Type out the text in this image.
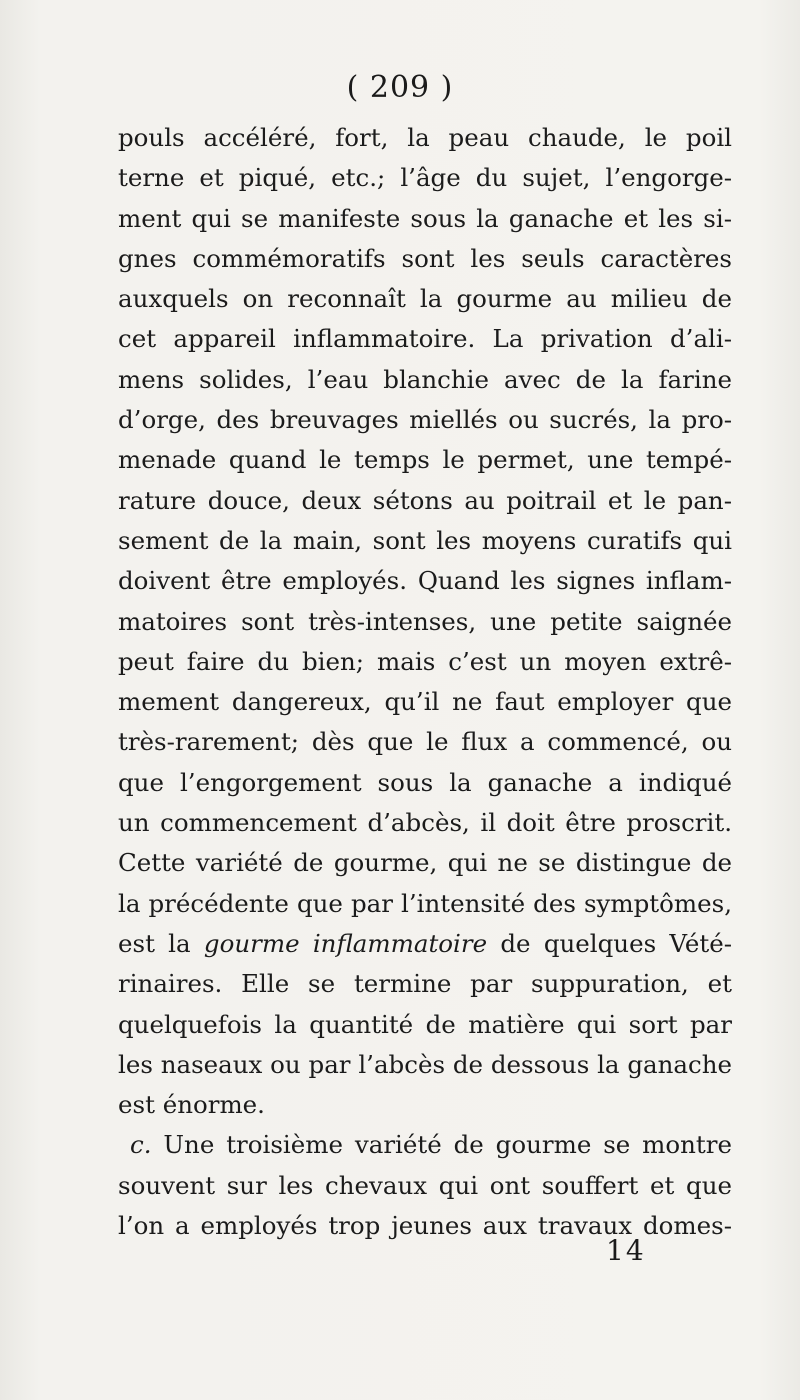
( 209 )
pouls accéléré, fort, la peau chaude, le poil
terne et piqué, etc.; l’âge du sujet, l’engorge-
ment qui se manifeste sous la ganache et les si-
gnes commémoratifs sont les seuls caractères
auxquels on reconnaît la gourme au milieu de
cet appareil inflammatoire. La privation d’ali-
mens solides, l’eau blanchie avec de la farine
d’orge, des breuvages miellés ou sucrés, la pro-
menade quand le temps le permet, une tempé-
rature douce, deux sétons au poitrail et le pan-
sement de la main, sont les moyens curatifs qui
doivent être employés. Quand les signes inflam-
matoires sont très-intenses, une petite saignée
peut faire du bien; mais c’est un moyen extrê-
mement dangereux, qu’il ne faut employer que
très-rarement; dès que le flux a commencé, ou
que l’engorgement sous la ganache a indiqué
un commencement d’abcès, il doit être proscrit.
Cette variété de gourme, qui ne se distingue de
la précédente que par l’intensité des symptômes,
est la gourme inflammatoire de quelques Vété-
rinaires. Elle se termine par suppuration, et
quelquefois la quantité de matière qui sort par
les naseaux ou par l’abcès de dessous la ganache
est énorme.
c. Une troisième variété de gourme se montre
souvent sur les chevaux qui ont souffert et que
l’on a employés trop jeunes aux travaux domes-
14
